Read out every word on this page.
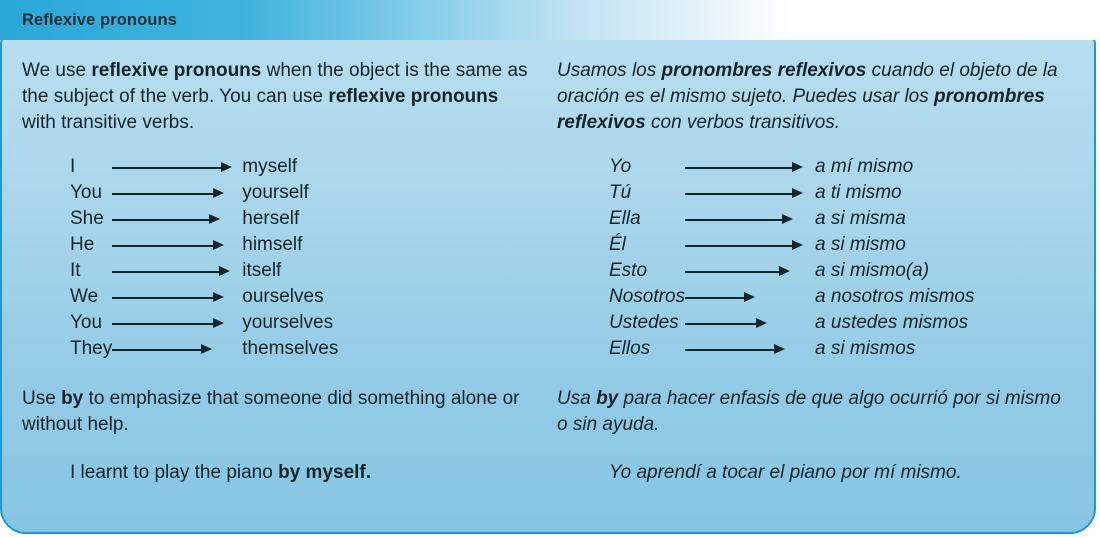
We use reflexive pronouns when the object is the same as the subject of the verb. You can use reflexive pronouns with transitive verbs.
I		myself
You		yourself
She		herself
He		himself
It		itself
We		ourselves
You		yourselves
They		themselves
Use by to emphasize that someone did something alone or without help.
I learnt to play the piano by myself.
Usamos los pronombres reflexivos cuando el objeto de la oración es el mismo sujeto. Puedes usar los pronombres reflexivos con verbos transitivos.
Yo		a mí mismo
Tú		a ti mismo
Ella		a si misma
Él		a si mismo
Esto		a si mismo(a)
Nosotros		a nosotros mismos
Ustedes		a ustedes mismos
Ellos		a si mismos
Usa by para hacer enfasis de que algo ocurrió por si mismo o sin ayuda.
Yo aprendí a tocar el piano por mí mismo.
Reflexive pronouns
